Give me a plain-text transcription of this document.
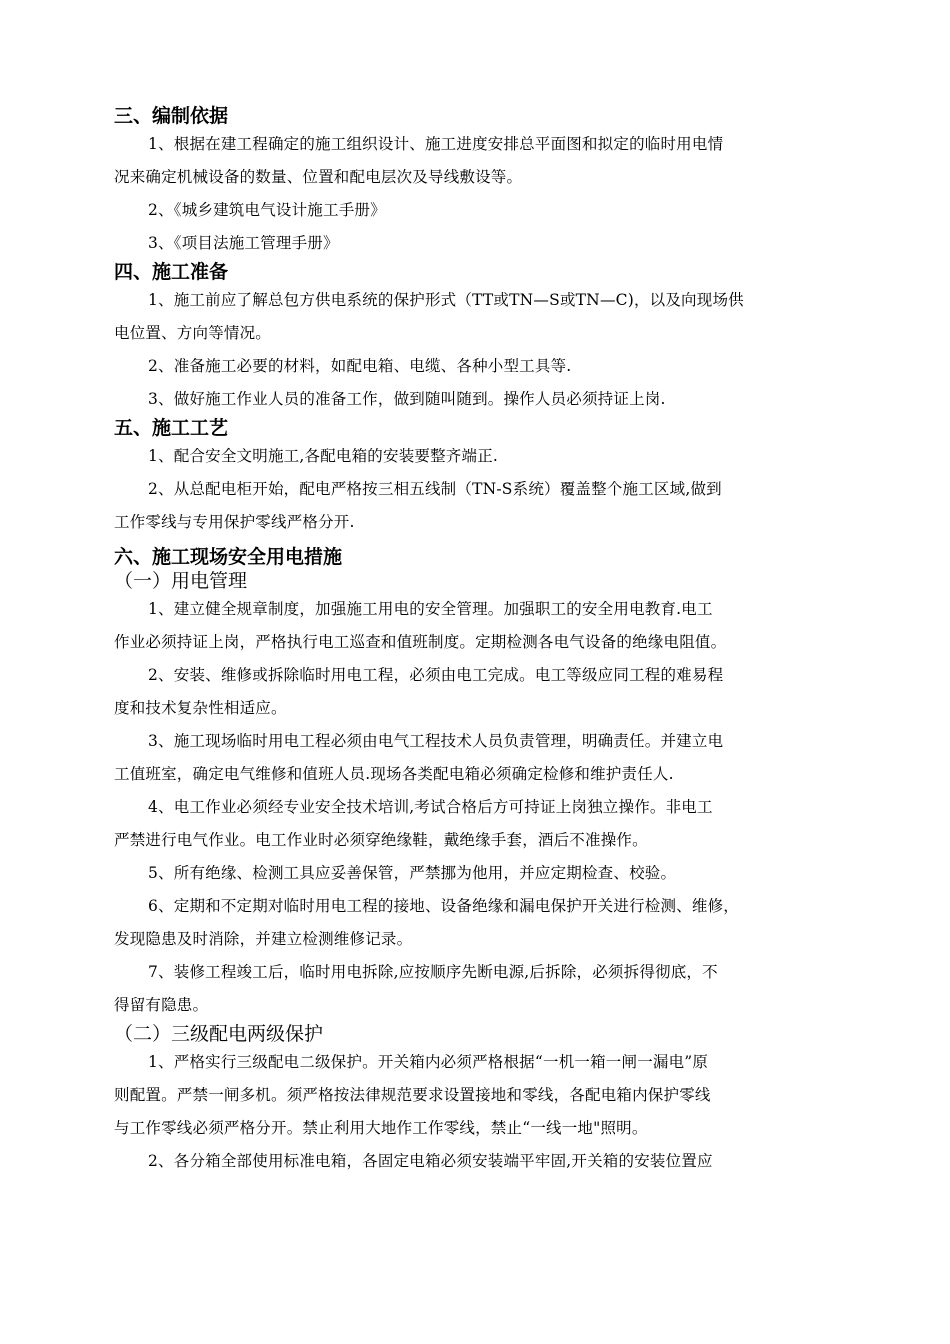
三、编制依据
1、根据在建工程确定的施工组织设计、施工进度安排总平面图和拟定的临时用电情
况来确定机械设备的数量、位置和配电层次及导线敷设等。
2、《城乡建筑电气设计施工手册》
3、《项目法施工管理手册》
四、施工准备
1、施工前应了解总包方供电系统的保护形式（TT或TN—S或TN—C)，以及向现场供
电位置、方向等情况。
2、准备施工必要的材料，如配电箱、电缆、各种小型工具等.
3、做好施工作业人员的准备工作，做到随叫随到。操作人员必须持证上岗.
五、施工工艺
1、配合安全文明施工,各配电箱的安装要整齐端正.
2、从总配电柜开始，配电严格按三相五线制（TN-S系统）覆盖整个施工区域,做到
工作零线与专用保护零线严格分开.
六、施工现场安全用电措施
（一）用电管理
1、建立健全规章制度，加强施工用电的安全管理。加强职工的安全用电教育.电工
作业必须持证上岗，严格执行电工巡查和值班制度。定期检测各电气设备的绝缘电阻值。
2、安装、维修或拆除临时用电工程，必须由电工完成。电工等级应同工程的难易程
度和技术复杂性相适应。
3、施工现场临时用电工程必须由电气工程技术人员负责管理，明确责任。并建立电
工值班室，确定电气维修和值班人员.现场各类配电箱必须确定检修和维护责任人.
4、电工作业必须经专业安全技术培训,考试合格后方可持证上岗独立操作。非电工
严禁进行电气作业。电工作业时必须穿绝缘鞋，戴绝缘手套，酒后不准操作。
5、所有绝缘、检测工具应妥善保管，严禁挪为他用，并应定期检查、校验。
6、定期和不定期对临时用电工程的接地、设备绝缘和漏电保护开关进行检测、维修，
发现隐患及时消除，并建立检测维修记录。
7、装修工程竣工后，临时用电拆除,应按顺序先断电源,后拆除，必须拆得彻底，不
得留有隐患。
（二）三级配电两级保护
1、严格实行三级配电二级保护。开关箱内必须严格根据“一机一箱一闸一漏电”原
则配置。严禁一闸多机。须严格按法律规范要求设置接地和零线，各配电箱内保护零线
与工作零线必须严格分开。禁止利用大地作工作零线，禁止“一线一地"照明。
2、各分箱全部使用标准电箱，各固定电箱必须安装端平牢固,开关箱的安装位置应
